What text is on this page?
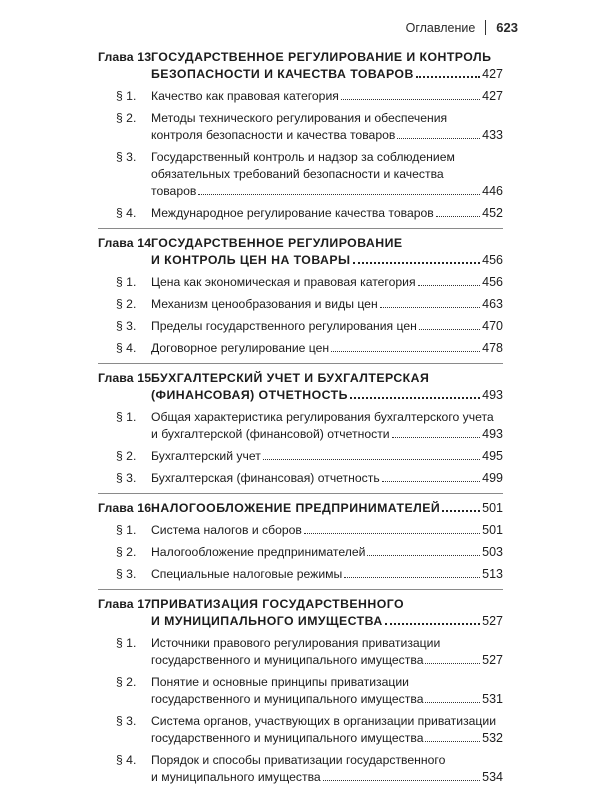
Оглавление 623
Глава 13.
ГОСУДАРСТВЕННОЕ РЕГУЛИРОВАНИЕ И КОНТРОЛЬ
БЕЗОПАСНОСТИ И КАЧЕСТВА ТОВАРОВ	427
§ 1. Качество как правовая категория	427
§ 2. Методы технического регулирования и обеспечения
контроля безопасности и качества товаров	433
§ 3. Государственный контроль и надзор за соблюдением
обязательных требований безопасности и качества
товаров	446
§ 4. Международное регулирование качества товаров	452
Глава 14.
ГОСУДАРСТВЕННОЕ РЕГУЛИРОВАНИЕ
И КОНТРОЛЬ ЦЕН НА ТОВАРЫ	456
§ 1. Цена как экономическая и правовая категория	456
§ 2. Механизм ценообразования и виды цен	463
§ 3. Пределы государственного регулирования цен	470
§ 4. Договорное регулирование цен	478
Глава 15.
БУХГАЛТЕРСКИЙ УЧЕТ И БУХГАЛТЕРСКАЯ
(ФИНАНСОВАЯ) ОТЧЕТНОСТЬ	493
§ 1. Общая характеристика регулирования бухгалтерского учета
и бухгалтерской (финансовой) отчетности	493
§ 2. Бухгалтерский учет	495
§ 3. Бухгалтерская (финансовая) отчетность	499
Глава 16.
НАЛОГООБЛОЖЕНИЕ ПРЕДПРИНИМАТЕЛЕЙ	501
§ 1. Система налогов и сборов	501
§ 2. Налогообложение предпринимателей	503
§ 3. Специальные налоговые режимы	513
Глава 17.
ПРИВАТИЗАЦИЯ ГОСУДАРСТВЕННОГО
И МУНИЦИПАЛЬНОГО ИМУЩЕСТВА	527
§ 1. Источники правового регулирования приватизации
государственного и муниципального имущества	527
§ 2. Понятие и основные принципы приватизации
государственного и муниципального имущества	531
§ 3. Система органов, участвующих в организации приватизации
государственного и муниципального имущества	532
§ 4. Порядок и способы приватизации государственного
и муниципального имущества	534
